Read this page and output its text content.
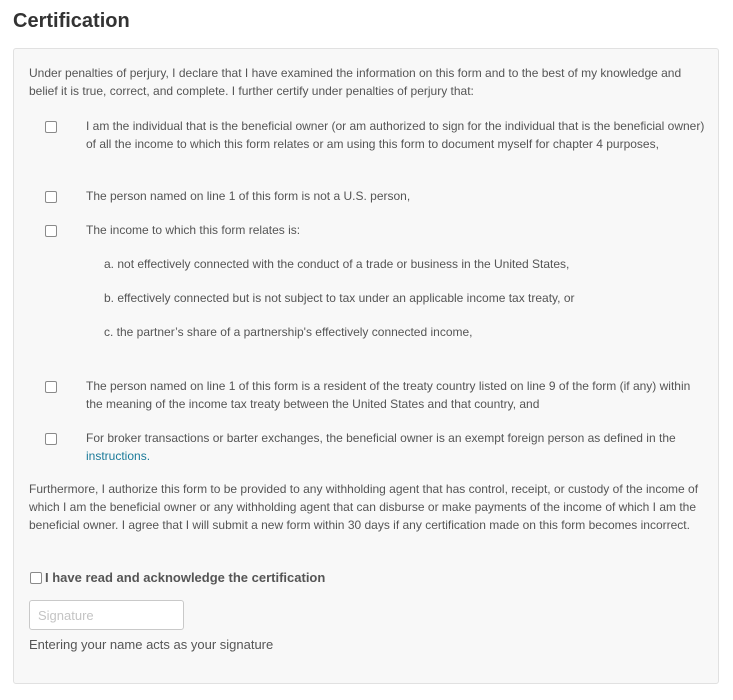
Certification

Under penalties of perjury, I declare that I have examined the information on this form and to the best of my knowledge and belief it is true, correct, and complete. I further certify under penalties of perjury that:

I am the individual that is the beneficial owner (or am authorized to sign for the individual that is the beneficial owner) of all the income to which this form relates or am using this form to document myself for chapter 4 purposes,

The person named on line 1 of this form is not a U.S. person,

The income to which this form relates is:

a. not effectively connected with the conduct of a trade or business in the United States,

b. effectively connected but is not subject to tax under an applicable income tax treaty, or

c. the partner’s share of a partnership's effectively connected income,

The person named on line 1 of this form is a resident of the treaty country listed on line 9 of the form (if any) within the meaning of the income tax treaty between the United States and that country, and

For broker transactions or barter exchanges, the beneficial owner is an exempt foreign person as defined in the instructions.

Furthermore, I authorize this form to be provided to any withholding agent that has control, receipt, or custody of the income of which I am the beneficial owner or any withholding agent that can disburse or make payments of the income of which I am the beneficial owner. I agree that I will submit a new form within 30 days if any certification made on this form becomes incorrect.

I have read and acknowledge the certification
Signature

Entering your name acts as your signature
